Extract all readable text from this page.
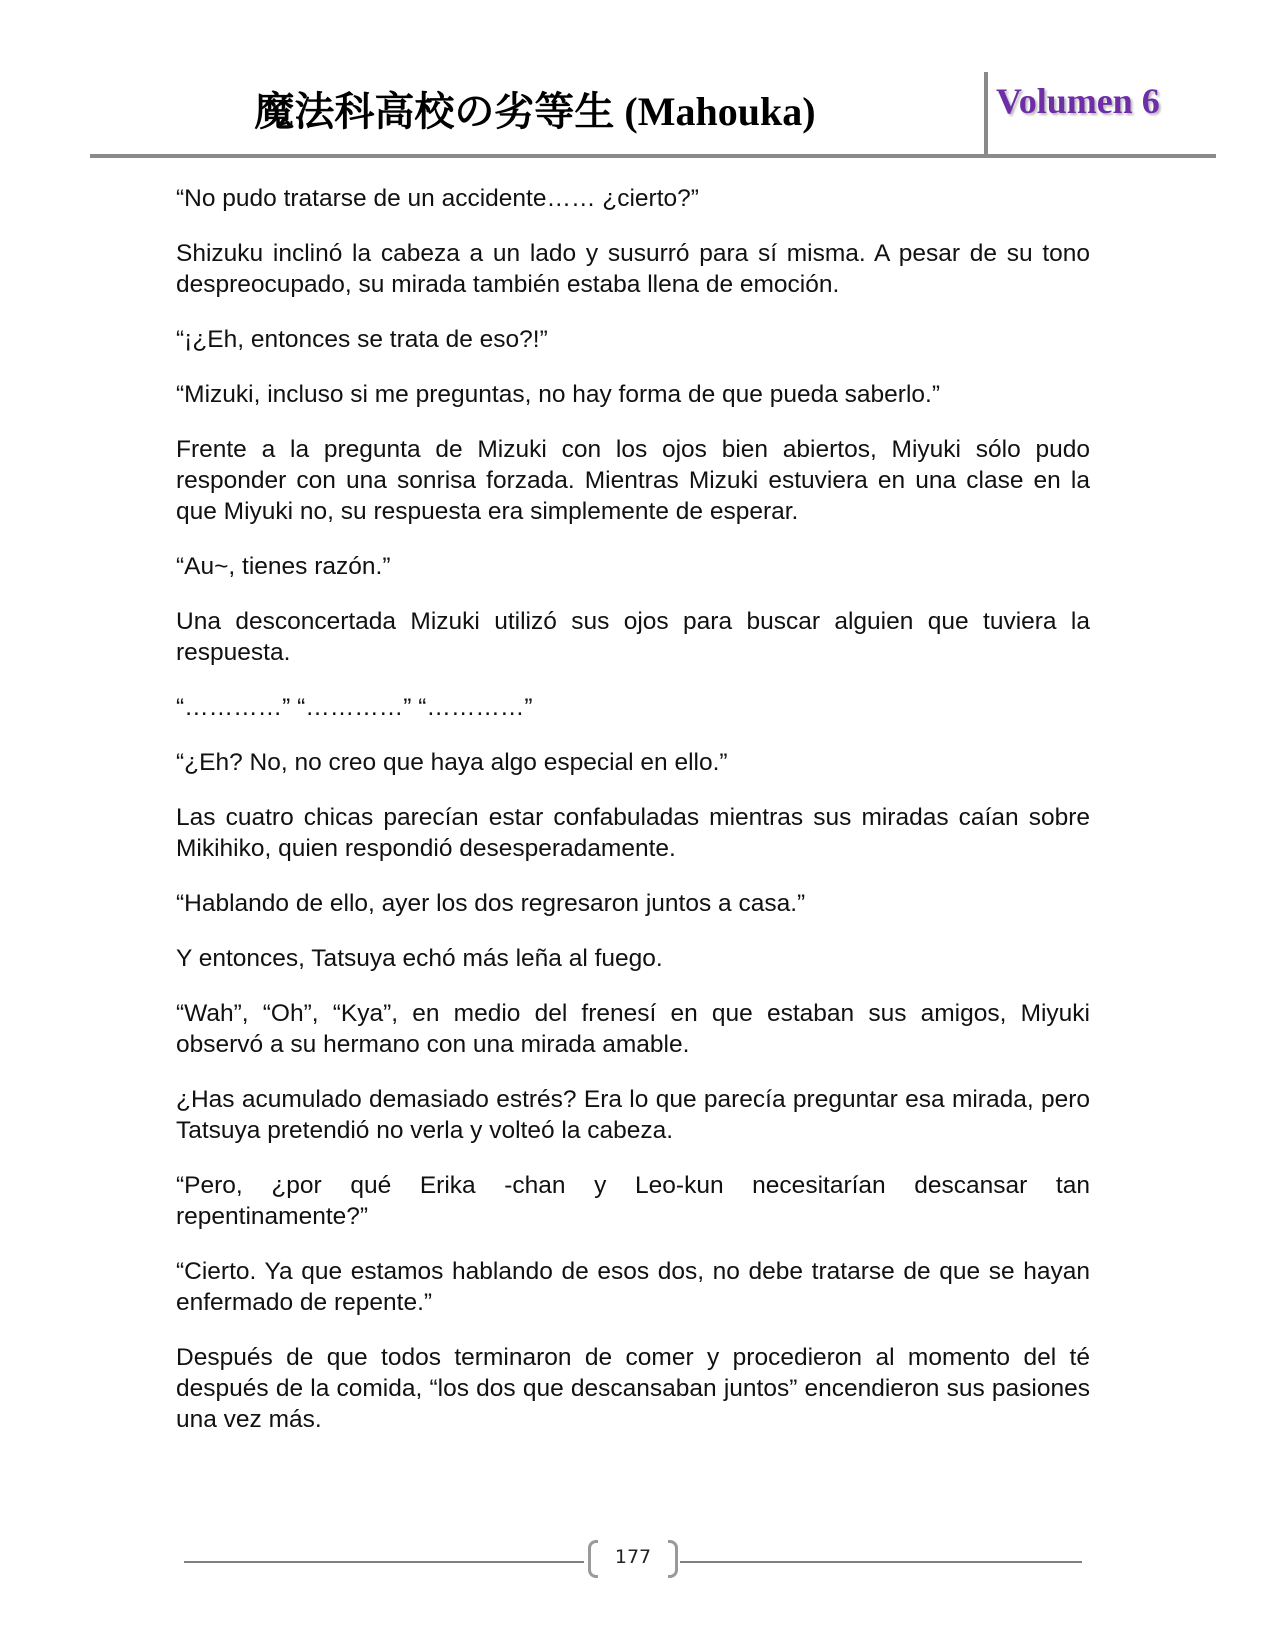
魔法科高校の劣等生 (Mahouka)	Volumen 6

“No pudo tratarse de un accidente…… ¿cierto?”

Shizuku inclinó la cabeza a un lado y susurró para sí misma. A pesar de su tono despreocupado, su mirada también estaba llena de emoción.

“¡¿Eh, entonces se trata de eso?!”

“Mizuki, incluso si me preguntas, no hay forma de que pueda saberlo.”

Frente a la pregunta de Mizuki con los ojos bien abiertos, Miyuki sólo pudo responder con una sonrisa forzada. Mientras Mizuki estuviera en una clase en la que Miyuki no, su respuesta era simplemente de esperar.

“Au~, tienes razón.”

Una desconcertada Mizuki utilizó sus ojos para buscar alguien que tuviera la respuesta.

“…………” “…………” “…………”

“¿Eh? No, no creo que haya algo especial en ello.”

Las cuatro chicas parecían estar confabuladas mientras sus miradas caían sobre Mikihiko, quien respondió desesperadamente.

“Hablando de ello, ayer los dos regresaron juntos a casa.”

Y entonces, Tatsuya echó más leña al fuego.

“Wah”, “Oh”, “Kya”, en medio del frenesí en que estaban sus amigos, Miyuki observó a su hermano con una mirada amable.

¿Has acumulado demasiado estrés? Era lo que parecía preguntar esa mirada, pero Tatsuya pretendió no verla y volteó la cabeza.

“Pero, ¿por qué Erika -chan y Leo-kun necesitarían descansar tan repentinamente?”

“Cierto. Ya que estamos hablando de esos dos, no debe tratarse de que se hayan enfermado de repente.”

Después de que todos terminaron de comer y procedieron al momento del té después de la comida, “los dos que descansaban juntos” encendieron sus pasiones una vez más.

177
